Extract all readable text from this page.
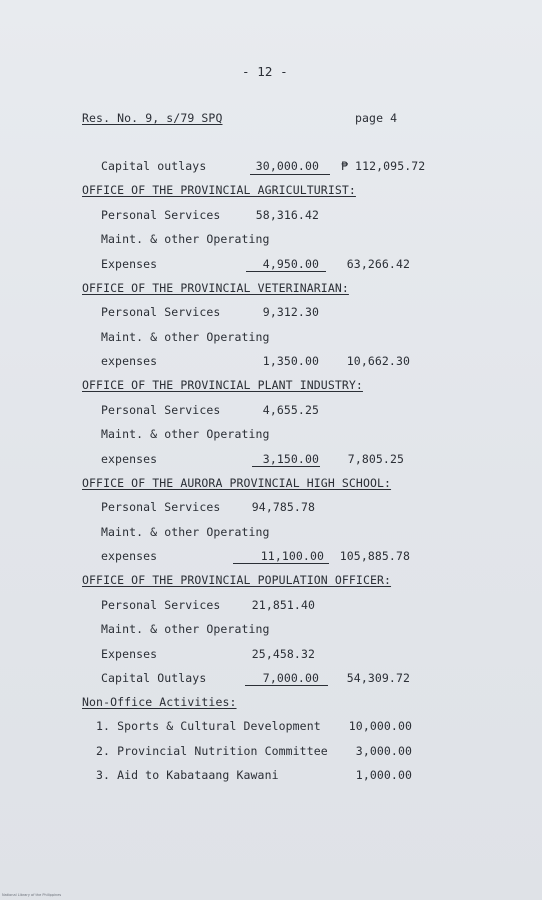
- 12 -
Res. No. 9, s/79 SPQ	page 4
Capital outlays	30,000.00 ₱ 112,095.72
OFFICE OF THE PROVINCIAL AGRICULTURIST:
Personal Services	58,316.42
Maint. & other Operating
Expenses	4,950.00	63,266.42
OFFICE OF THE PROVINCIAL VETERINARIAN:
Personal Services	9,312.30
Maint. & other Operating
expenses	1,350.00	10,662.30
OFFICE OF THE PROVINCIAL PLANT INDUSTRY:
Personal Services	4,655.25
Maint. & other Operating
expenses	3,150.00	7,805.25
OFFICE OF THE AURORA PROVINCIAL HIGH SCHOOL:
Personal Services	94,785.78
Maint. & other Operating
expenses	11,100.00	105,885.78
OFFICE OF THE PROVINCIAL POPULATION OFFICER:
Personal Services	21,851.40
Maint. & other Operating
Expenses	25,458.32
Capital Outlays	7,000.00	54,309.72
Non-Office Activities:
1. Sports & Cultural Development	10,000.00
2. Provincial Nutrition Committee	3,000.00
3. Aid to Kabataang Kawani	1,000.00
National Library of the Philippines
